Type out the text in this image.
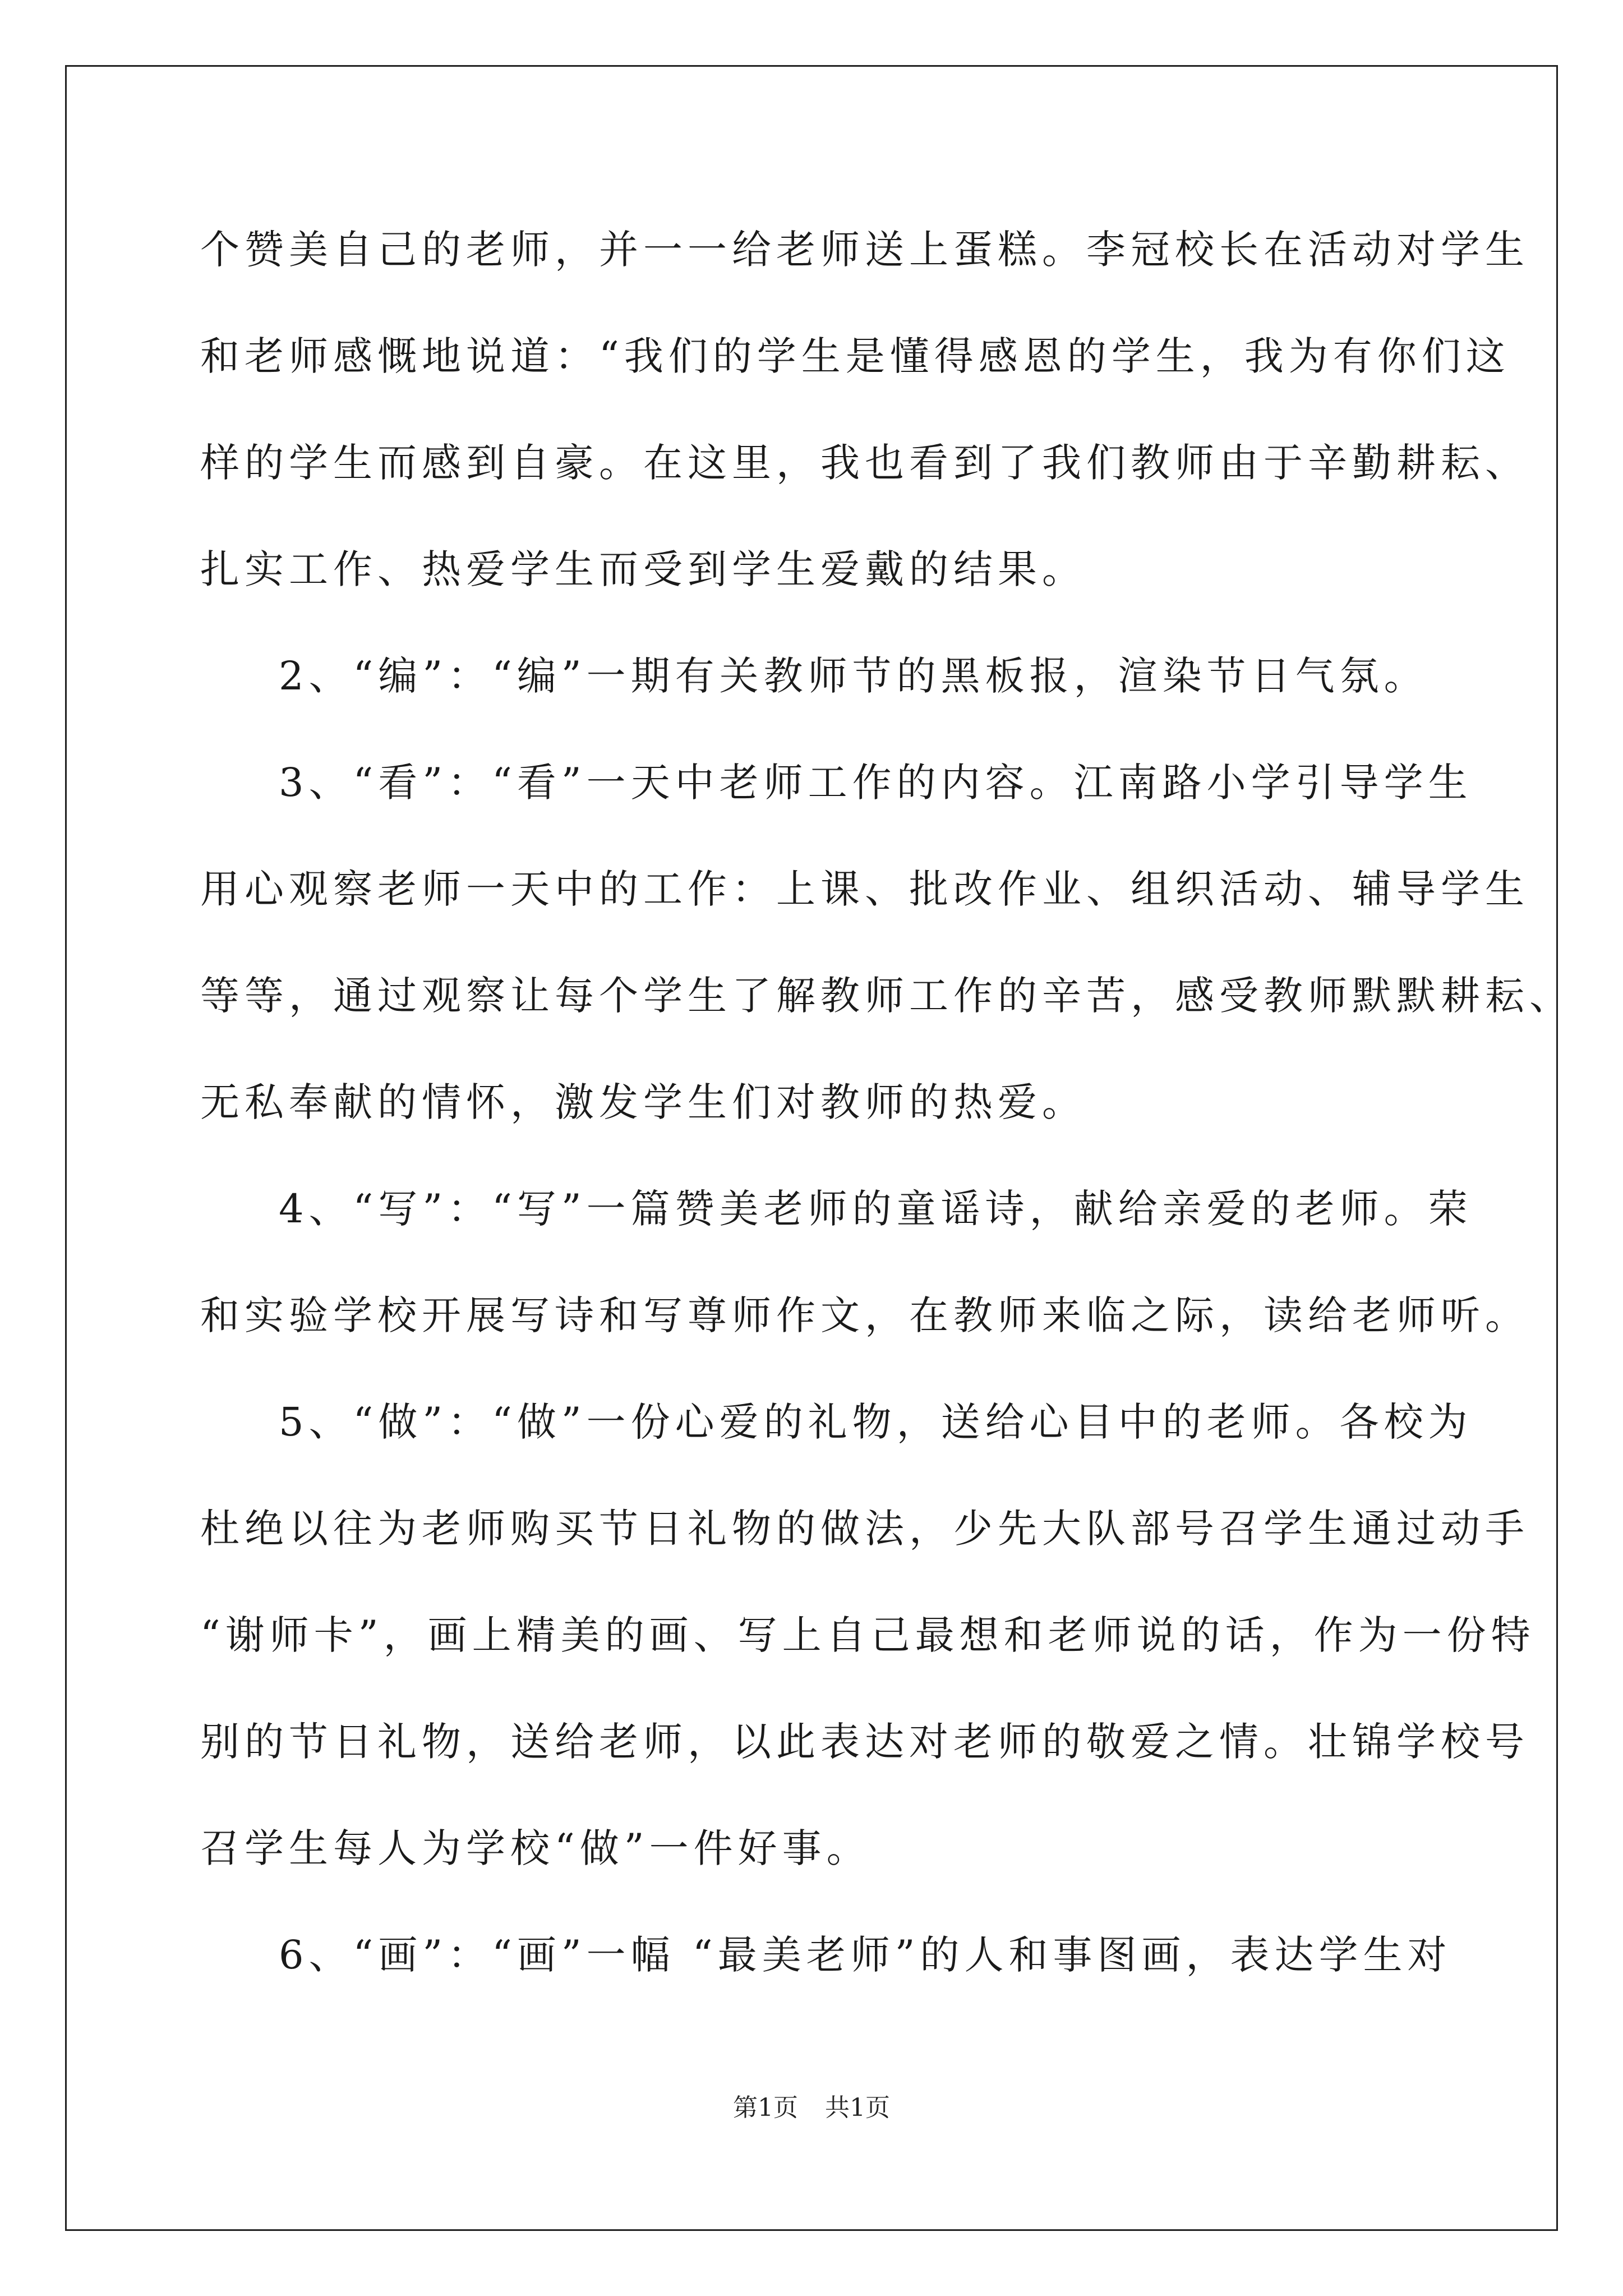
个赞美自己的老师，并一一给老师送上蛋糕。李冠校长在活动对学生
和老师感慨地说道：“我们的学生是懂得感恩的学生，我为有你们这
样的学生而感到自豪。在这里，我也看到了我们教师由于辛勤耕耘、
扎实工作、热爱学生而受到学生爱戴的结果。
2、“编”：“编”一期有关教师节的黑板报，渲染节日气氛。
3、“看”：“看”一天中老师工作的内容。江南路小学引导学生
用心观察老师一天中的工作：上课、批改作业、组织活动、辅导学生
等等，通过观察让每个学生了解教师工作的辛苦，感受教师默默耕耘、
无私奉献的情怀，激发学生们对教师的热爱。
4、“写”：“写”一篇赞美老师的童谣诗，献给亲爱的老师。荣
和实验学校开展写诗和写尊师作文，在教师来临之际，读给老师听。
5、“做”：“做”一份心爱的礼物，送给心目中的老师。各校为
杜绝以往为老师购买节日礼物的做法，少先大队部号召学生通过动手
“谢师卡”，画上精美的画、写上自己最想和老师说的话，作为一份特
别的节日礼物，送给老师，以此表达对老师的敬爱之情。壮锦学校号
召学生每人为学校“做”一件好事。
6、“画”：“画”一幅 “最美老师”的人和事图画，表达学生对
第1页 共1页
